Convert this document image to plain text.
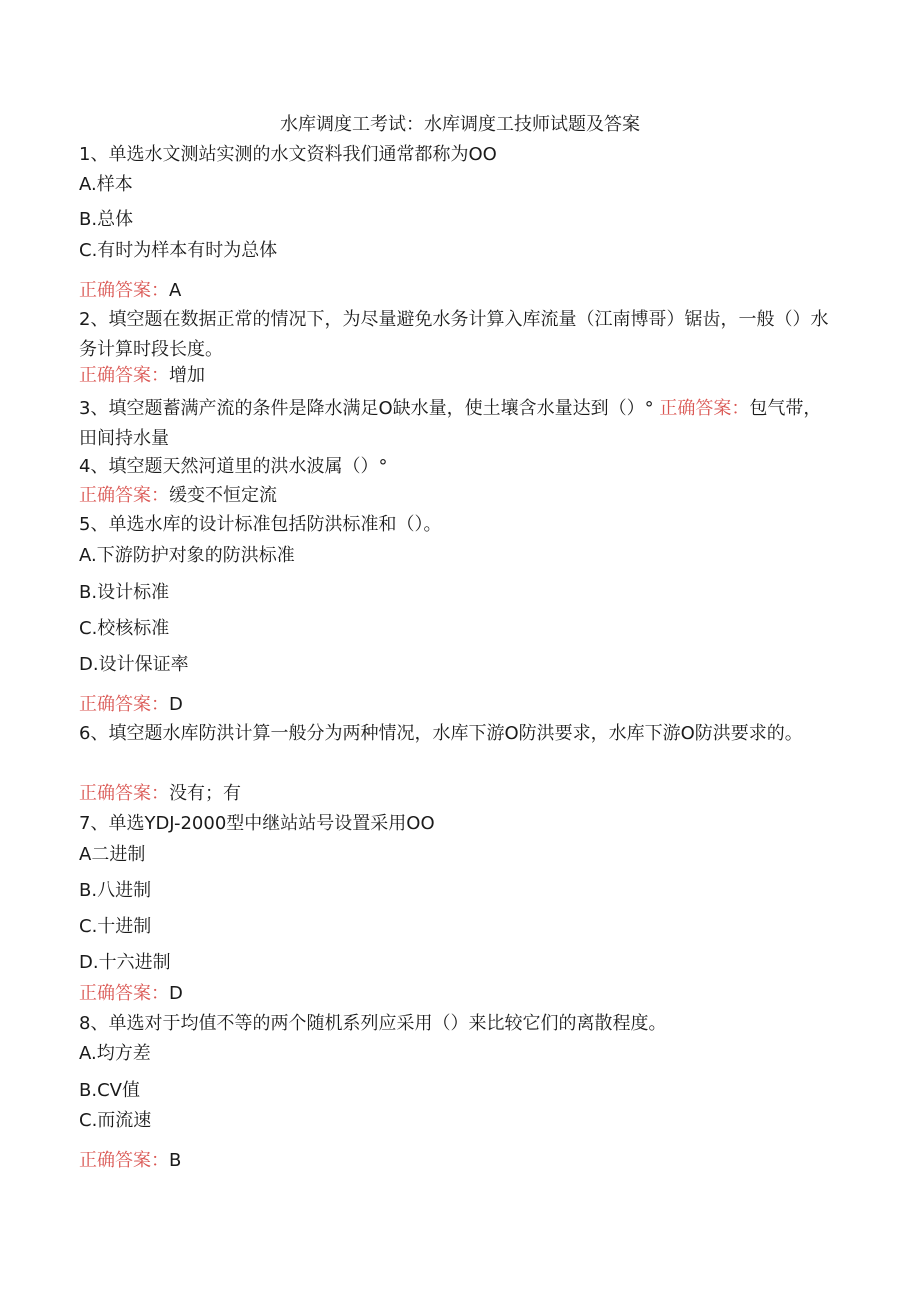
水库调度工考试：水库调度工技师试题及答案
1、单选水文测站实测的水文资料我们通常都称为OO
A.样本
B.总体
C.有时为样本有时为总体
正确答案：A
2、填空题在数据正常的情况下，为尽量避免水务计算入库流量（江南博哥）锯齿，一般（）水务计算时段长度。
正确答案：增加
3、填空题蓄满产流的条件是降水满足O缺水量，使土壤含水量达到（）° 正确答案：包气带，田间持水量
4、填空题天然河道里的洪水波属（）°
正确答案：缓变不恒定流
5、单选水库的设计标准包括防洪标准和（）。
A.下游防护对象的防洪标准
B.设计标准
C.校核标准
D.设计保证率
正确答案：D
6、填空题水库防洪计算一般分为两种情况，水库下游O防洪要求，水库下游O防洪要求的。
正确答案：没有；有
7、单选YDJ-2000型中继站站号设置采用OO
A二进制
B.八进制
C.十进制
D.十六进制
正确答案：D
8、单选对于均值不等的两个随机系列应采用（）来比较它们的离散程度。
A.均方差
B.CV值
C.而流速
正确答案：B
